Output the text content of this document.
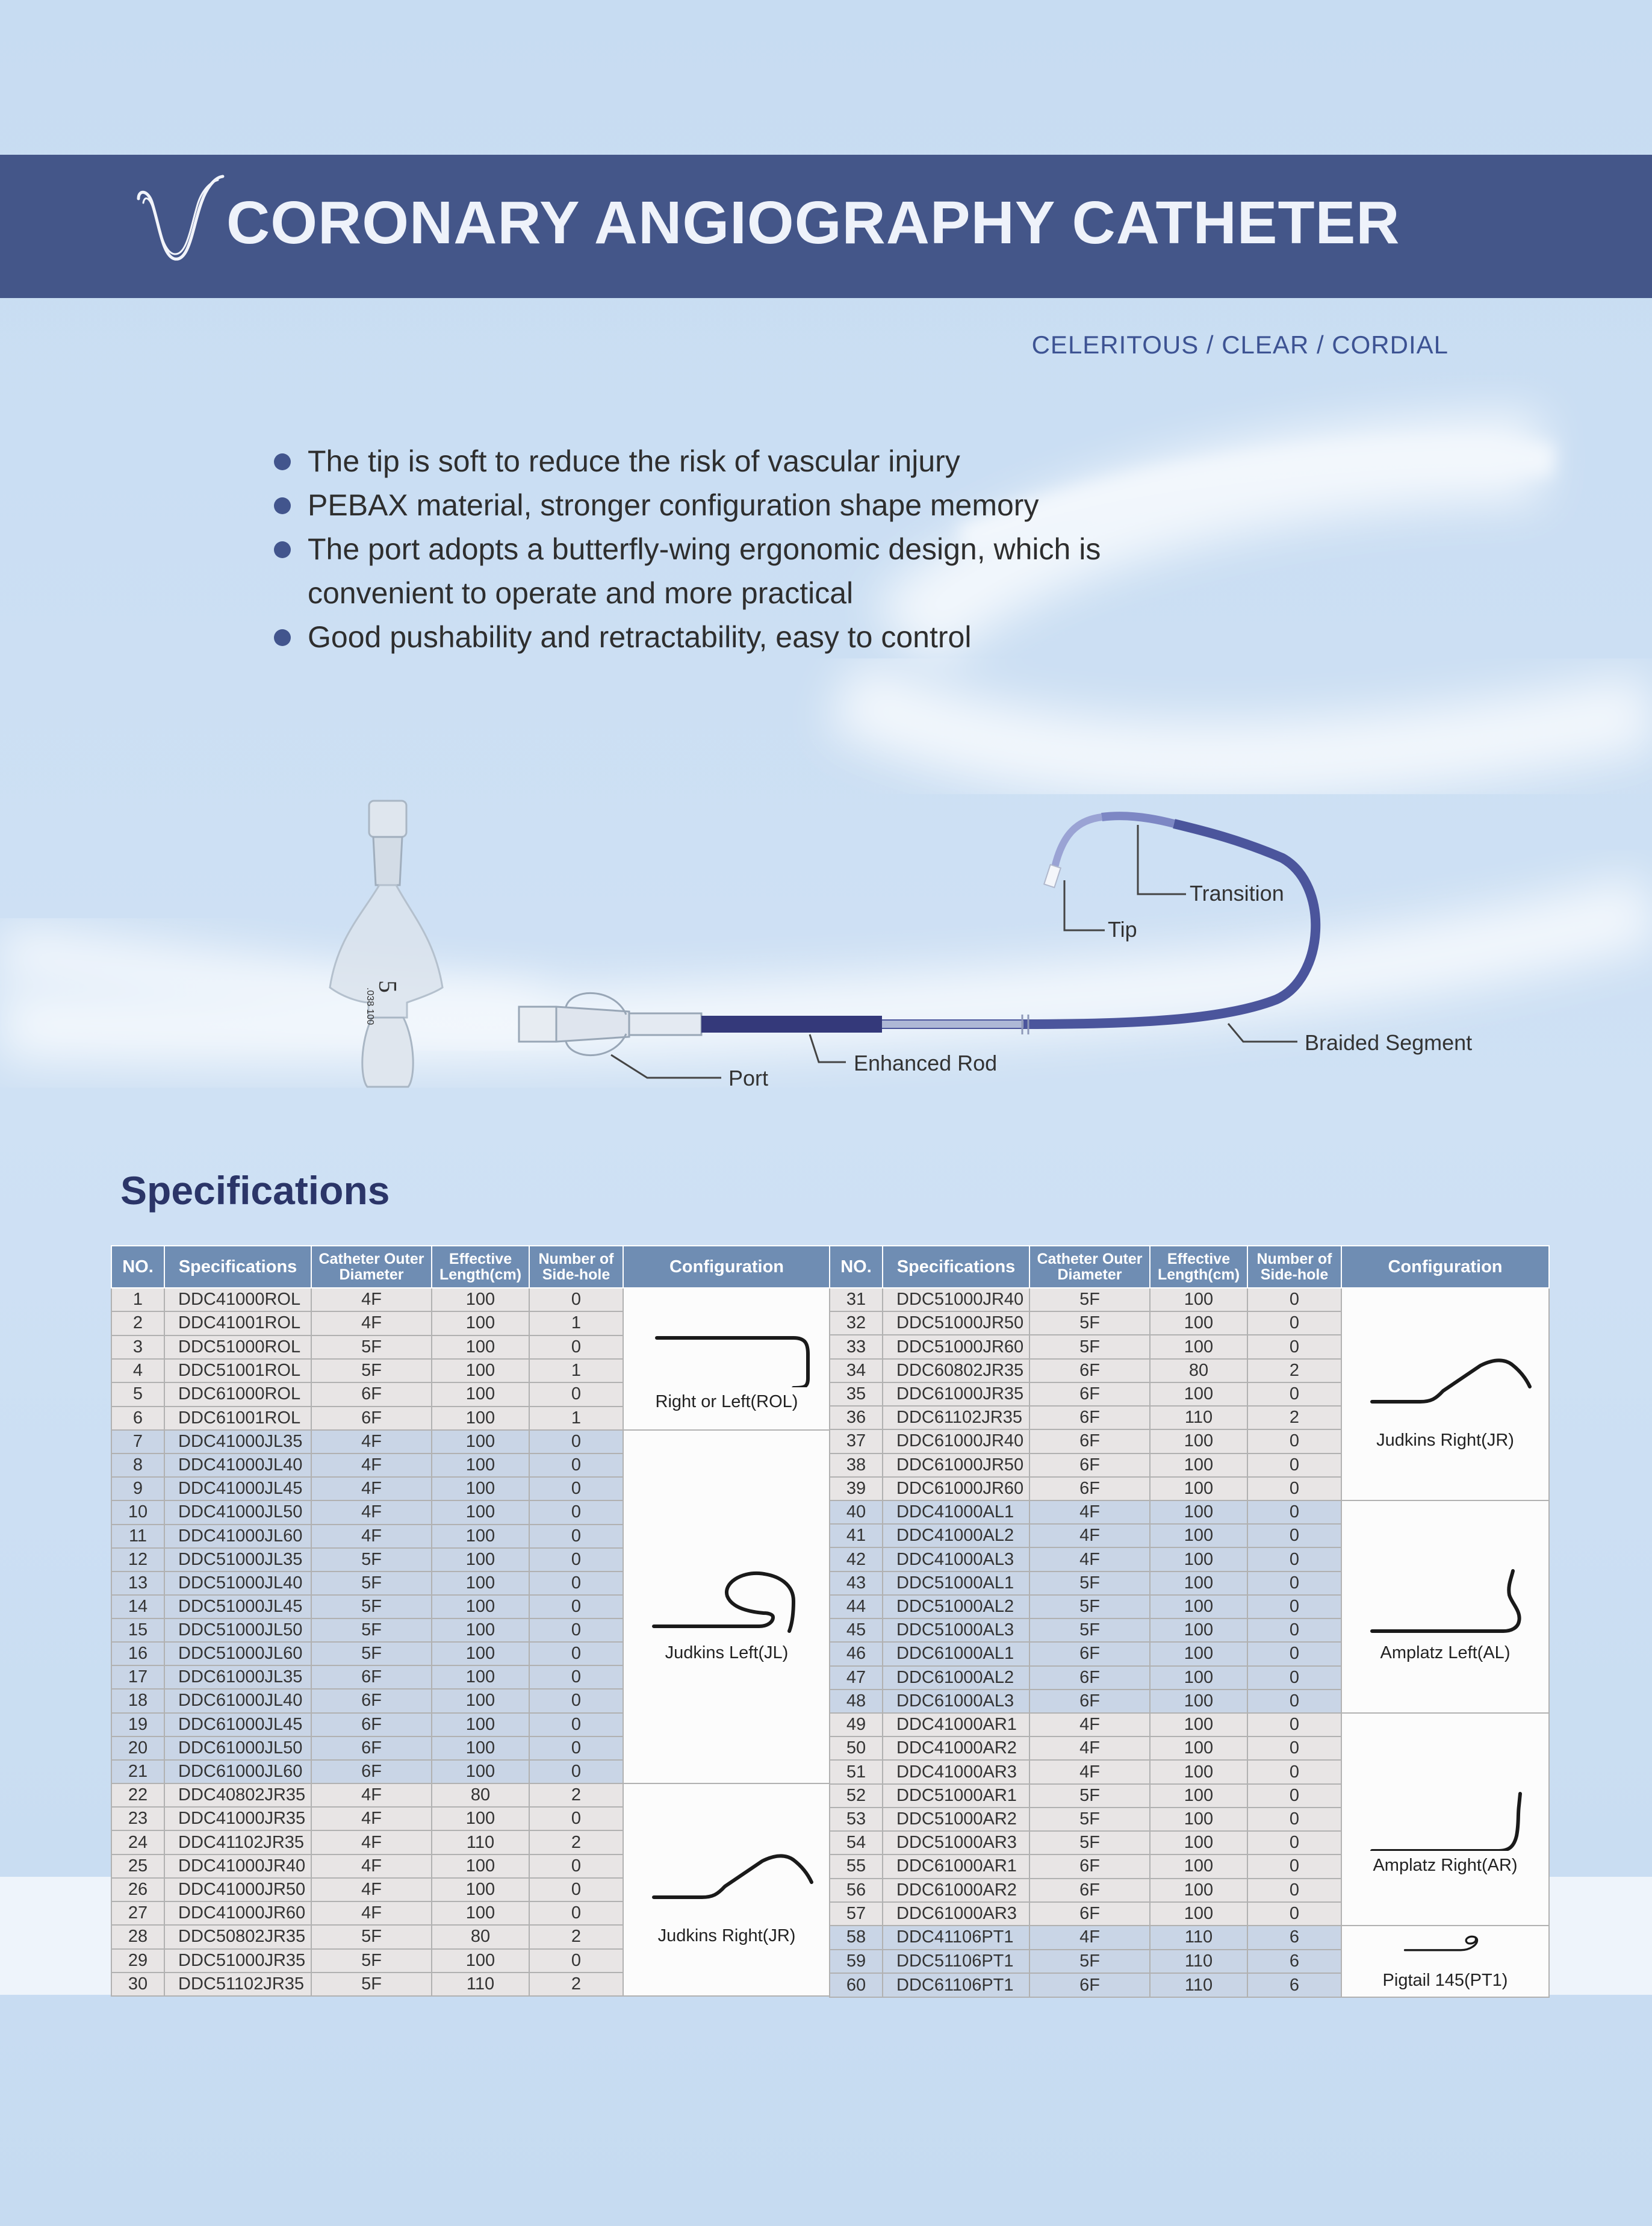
CORONARY ANGIOGRAPHY CATHETER
CELERITOUS / CLEAR / CORDIAL
The tip is soft to reduce the risk of vascular injury
PEBAX material, stronger configuration shape memory
The port adopts a butterfly-wing ergonomic design, which is convenient to operate and more practical
Good pushability and retractability, easy to control
5
.038 100
Transition
Tip
Braided Segment
Enhanced Rod
Port
Specifications
NO.	Specifications	Catheter Outer Diameter	Effective Length(cm)	Number of Side-hole	Configuration
1	DDC41000ROL	4F	100	0	Right or Left(ROL)

2	DDC41001ROL	4F	100	1	
3	DDC51000ROL	5F	100	0	
4	DDC51001ROL	5F	100	1	
5	DDC61000ROL	6F	100	0	
6	DDC61001ROL	6F	100	1	
7	DDC41000JL35	4F	100	0	Judkins Left(JL)

8	DDC41000JL40	4F	100	0	
9	DDC41000JL45	4F	100	0	
10	DDC41000JL50	4F	100	0	
11	DDC41000JL60	4F	100	0	
12	DDC51000JL35	5F	100	0	
13	DDC51000JL40	5F	100	0	
14	DDC51000JL45	5F	100	0	
15	DDC51000JL50	5F	100	0	
16	DDC51000JL60	5F	100	0	
17	DDC61000JL35	6F	100	0	
18	DDC61000JL40	6F	100	0	
19	DDC61000JL45	6F	100	0	
20	DDC61000JL50	6F	100	0	
21	DDC61000JL60	6F	100	0	
22	DDC40802JR35	4F	80	2	Judkins Right(JR)

23	DDC41000JR35	4F	100	0	
24	DDC41102JR35	4F	110	2	
25	DDC41000JR40	4F	100	0	
26	DDC41000JR50	4F	100	0	
27	DDC41000JR60	4F	100	0	
28	DDC50802JR35	5F	80	2	
29	DDC51000JR35	5F	100	0	
30	DDC51102JR35	5F	110	2	
NO.	Specifications	Catheter Outer Diameter	Effective Length(cm)	Number of Side-hole	Configuration
31	DDC51000JR40	5F	100	0	Judkins Right(JR)

32	DDC51000JR50	5F	100	0	
33	DDC51000JR60	5F	100	0	
34	DDC60802JR35	6F	80	2	
35	DDC61000JR35	6F	100	0	
36	DDC61102JR35	6F	110	2	
37	DDC61000JR40	6F	100	0	
38	DDC61000JR50	6F	100	0	
39	DDC61000JR60	6F	100	0	
40	DDC41000AL1	4F	100	0	Amplatz Left(AL)

41	DDC41000AL2	4F	100	0	
42	DDC41000AL3	4F	100	0	
43	DDC51000AL1	5F	100	0	
44	DDC51000AL2	5F	100	0	
45	DDC51000AL3	5F	100	0	
46	DDC61000AL1	6F	100	0	
47	DDC61000AL2	6F	100	0	
48	DDC61000AL3	6F	100	0	
49	DDC41000AR1	4F	100	0	Amplatz Right(AR)

50	DDC41000AR2	4F	100	0	
51	DDC41000AR3	4F	100	0	
52	DDC51000AR1	5F	100	0	
53	DDC51000AR2	5F	100	0	
54	DDC51000AR3	5F	100	0	
55	DDC61000AR1	6F	100	0	
56	DDC61000AR2	6F	100	0	
57	DDC61000AR3	6F	100	0	
58	DDC41106PT1	4F	110	6	Pigtail 145(PT1)

59	DDC51106PT1	5F	110	6	
60	DDC61106PT1	6F	110	6	
